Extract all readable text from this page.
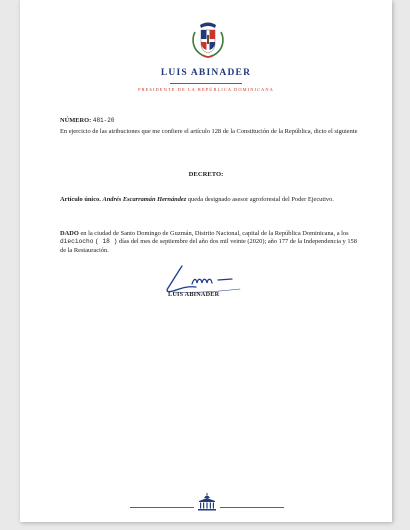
LUIS ABINADER
PRESIDENTE DE LA REPÚBLICA DOMINICANA
NÚMERO: 481-20
En ejercicio de las atribuciones que me confiere el artículo 128 de la Constitución de la República, dicto el siguiente
DECRETO:
Artículo único. Andrés Escarramán Hernández queda designado asesor agroforestal del Poder Ejecutivo.
DADO en la ciudad de Santo Domingo de Guzmán, Distrito Nacional, capital de la República Dominicana, a los dieciocho ( 18 ) días del mes de septiembre del año dos mil veinte (2020); año 177 de la Independencia y 158 de la Restauración.
LUIS ABINADER
